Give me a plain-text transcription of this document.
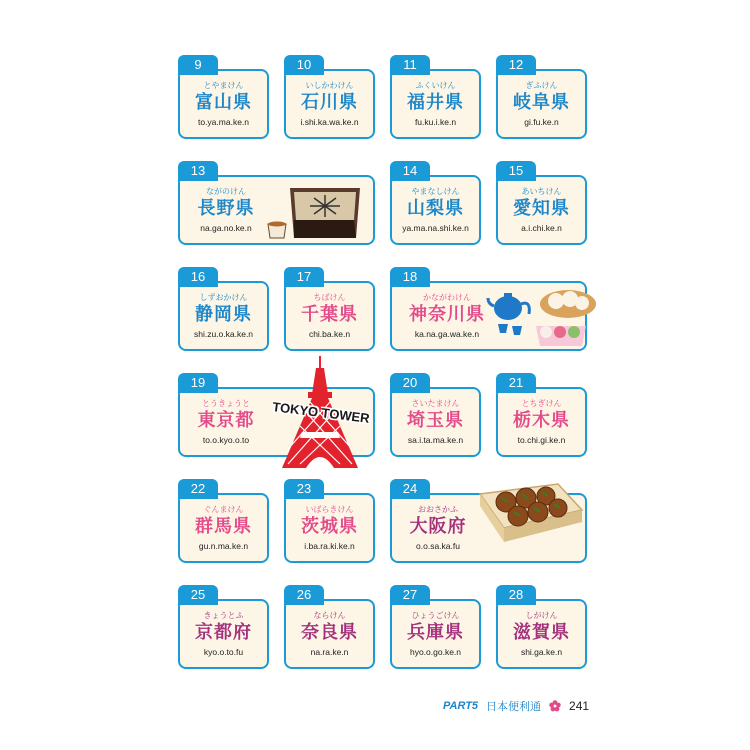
9
とやまけん
富山県
to.ya.ma.ke.n
10
いしかわけん
石川県
i.shi.ka.wa.ke.n
11
ふくいけん
福井県
fu.ku.i.ke.n
12
ぎふけん
岐阜県
gi.fu.ke.n
13
ながのけん
長野県
na.ga.no.ke.n
14
やまなしけん
山梨県
ya.ma.na.shi.ke.n
15
あいちけん
愛知県
a.i.chi.ke.n
16
しずおかけん
静岡県
shi.zu.o.ka.ke.n
17
ちばけん
千葉県
chi.ba.ke.n
18
かながわけん
神奈川県
ka.na.ga.wa.ke.n
19
とうきょうと
東京都
to.o.kyo.o.to
TOKYO TOWER
20
さいたまけん
埼玉県
sa.i.ta.ma.ke.n
21
とちぎけん
栃木県
to.chi.gi.ke.n
22
ぐんまけん
群馬県
gu.n.ma.ke.n
23
いばらきけん
茨城県
i.ba.ra.ki.ke.n
24
おおさかふ
大阪府
o.o.sa.ka.fu
25
きょうとふ
京都府
kyo.o.to.fu
26
ならけん
奈良県
na.ra.ke.n
27
ひょうごけん
兵庫県
hyo.o.go.ke.n
28
しがけん
滋賀県
shi.ga.ke.n
PART5 日本便利通 241
